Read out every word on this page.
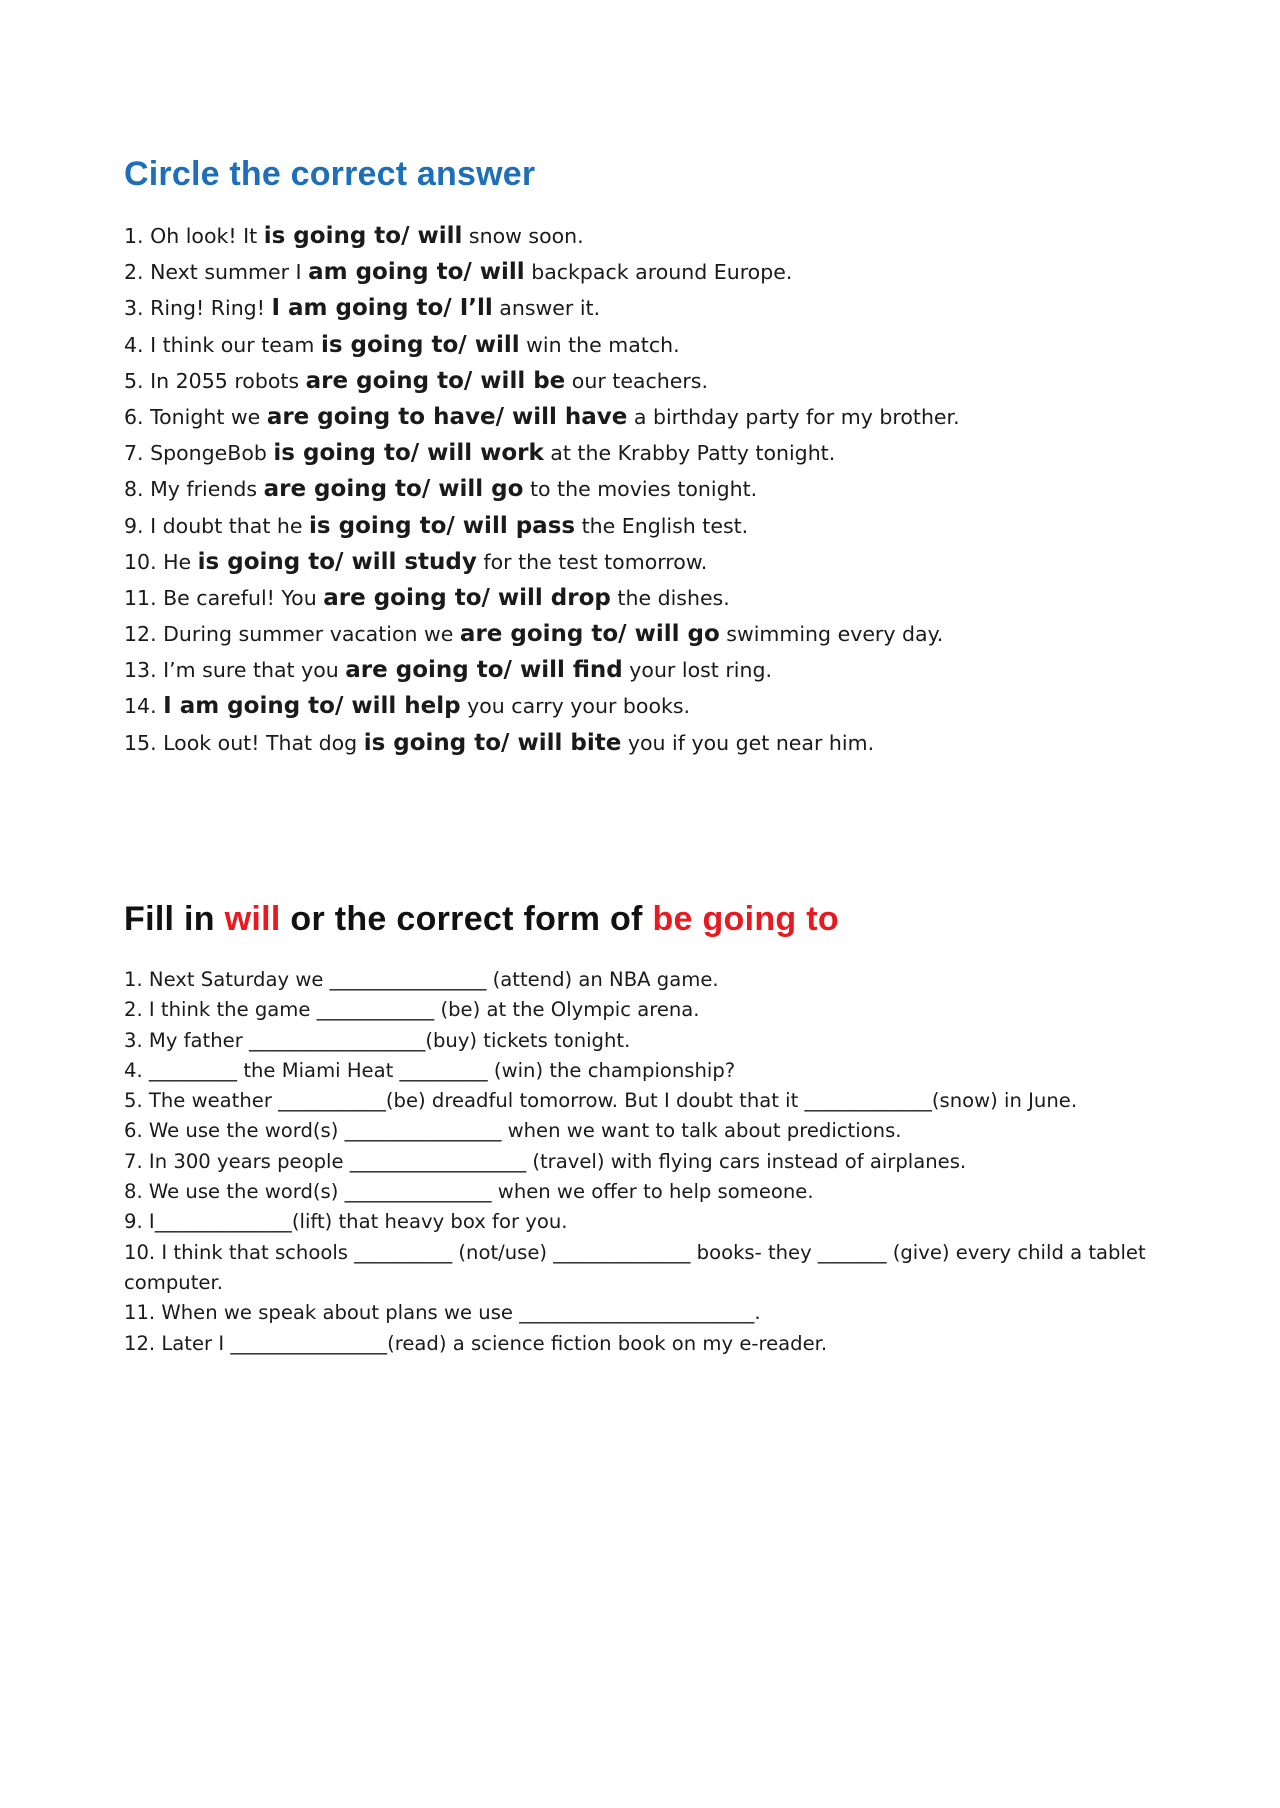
Circle the correct answer
1. Oh look! It is going to/ will snow soon.
2. Next summer I am going to/ will backpack around Europe.
3. Ring! Ring! I am going to/ I’ll answer it.
4. I think our team is going to/ will win the match.
5. In 2055 robots are going to/ will be our teachers.
6. Tonight we are going to have/ will have a birthday party for my brother.
7. SpongeBob is going to/ will work at the Krabby Patty tonight.
8. My friends are going to/ will go to the movies tonight.
9. I doubt that he is going to/ will pass the English test.
10. He is going to/ will study for the test tomorrow.
11. Be careful! You are going to/ will drop the dishes.
12. During summer vacation we are going to/ will go swimming every day.
13. I’m sure that you are going to/ will find your lost ring.
14. I am going to/ will help you carry your books.
15. Look out! That dog is going to/ will bite you if you get near him.
Fill in will or the correct form of be going to
1. Next Saturday we ________________ (attend) an NBA game.
2. I think the game ____________ (be) at the Olympic arena.
3. My father __________________(buy) tickets tonight.
4. _________ the Miami Heat _________ (win) the championship?
5. The weather ___________(be) dreadful tomorrow. But I doubt that it _____________(snow) in June.
6. We use the word(s) ________________ when we want to talk about predictions.
7. In 300 years people __________________ (travel) with flying cars instead of airplanes.
8. We use the word(s) _______________ when we offer to help someone.
9. I______________(lift) that heavy box for you.
10. I think that schools __________ (not/use) ______________ books- they _______ (give) every child a tablet computer.
11. When we speak about plans we use ________________________.
12. Later I ________________(read) a science fiction book on my e-reader.
